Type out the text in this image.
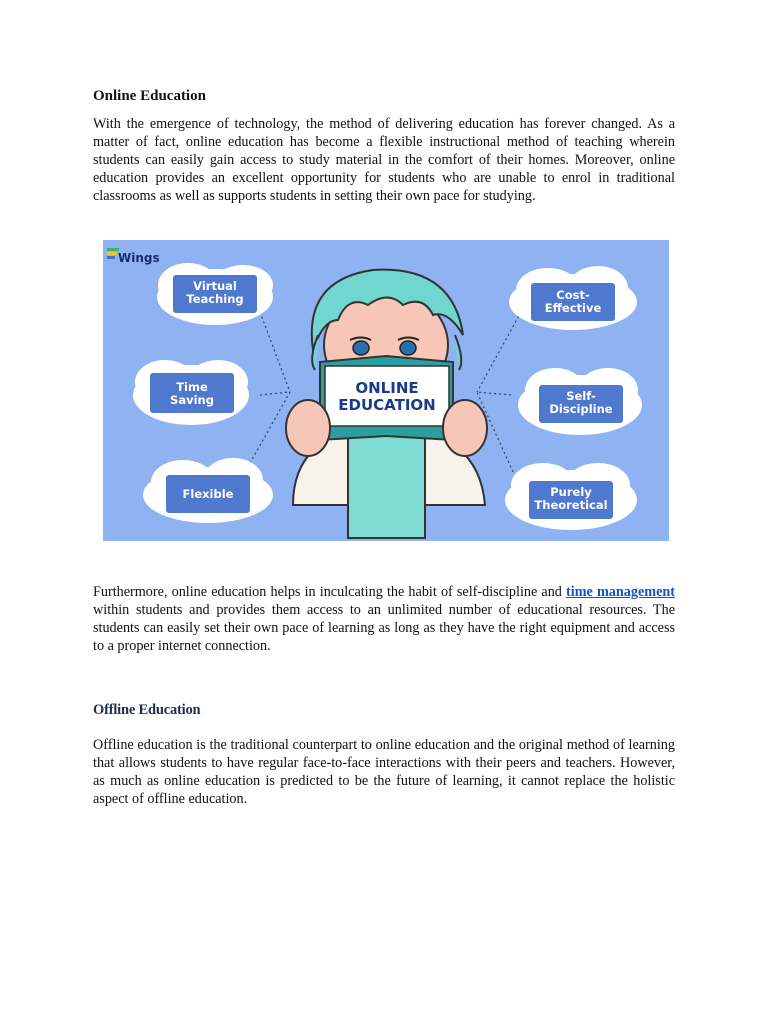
Online Education

With the emergence of technology, the method of delivering education has forever changed. As a matter of fact, online education has become a flexible instructional method of teaching wherein students can easily gain access to study material in the comfort of their homes. Moreover, online education provides an excellent opportunity for students who are unable to enrol in traditional classrooms as well as supports students in setting their own pace for studying.

Wings
Virtual
Teaching
Time
Saving
Flexible
Cost-
Effective
Self-
Discipline
Purely
Theoretical
ONLINE
EDUCATION

Furthermore, online education helps in inculcating the habit of self-discipline and time management within students and provides them access to an unlimited number of educational resources. The students can easily set their own pace of learning as long as they have the right equipment and access to a proper internet connection.

Offline Education

Offline education is the traditional counterpart to online education and the original method of learning that allows students to have regular face-to-face interactions with their peers and teachers. However, as much as online education is predicted to be the future of learning, it cannot replace the holistic aspect of offline education.
